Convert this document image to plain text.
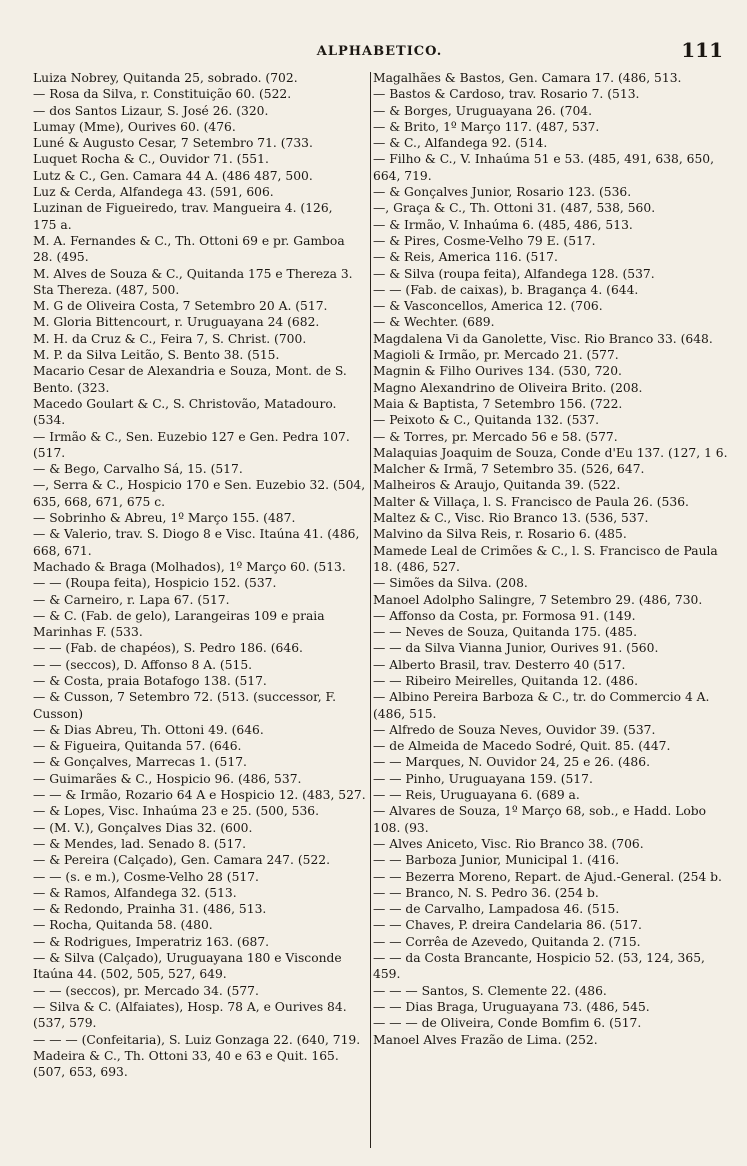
ALPHABETICO.	111
Luiza Nobrey, Quitanda 25, sobrado. (702.
— Rosa da Silva, r. Constituição 60. (522.
— dos Santos Lizaur, S. José 26. (320.
Lumay (Mme), Ourives 60. (476.
Luné & Augusto Cesar, 7 Setembro 71. (733.
Luquet Rocha & C., Ouvidor 71. (551.
Lutz & C., Gen. Camara 44 A. (486 487, 500.
Luz & Cerda, Alfandega 43. (591, 606.
Luzinan de Figueiredo, trav. Mangueira 4. (126,
175 a.
M. A. Fernandes & C., Th. Ottoni 69 e pr. Gamboa 28. (495.
M. Alves de Souza & C., Quitanda 175 e Thereza 3. Sta Thereza. (487, 500.
M. G de Oliveira Costa, 7 Setembro 20 A. (517.
M. Gloria Bittencourt, r. Uruguayana 24 (682.
M. H. da Cruz & C., Feira 7, S. Christ. (700.
M. P. da Silva Leitão, S. Bento 38. (515.
Macario Cesar de Alexandria e Souza, Mont. de S. Bento. (323.
Macedo Goulart & C., S. Christovão, Matadouro. (534.
— Irmão & C., Sen. Euzebio 127 e Gen. Pedra 107. (517.
— & Bego, Carvalho Sá, 15. (517.
—, Serra & C., Hospicio 170 e Sen. Euzebio 32. (504, 635, 668, 671, 675 c.
— Sobrinho & Abreu, 1º Março 155. (487.
— & Valerio, trav. S. Diogo 8 e Visc. Itaúna 41. (486, 668, 671.
Machado & Braga (Molhados), 1º Março 60. (513.
— — (Roupa feita), Hospicio 152. (537.
— & Carneiro, r. Lapa 67. (517.
— & C. (Fab. de gelo), Larangeiras 109 e praia Marinhas F. (533.
— — (Fab. de chapéos), S. Pedro 186. (646.
— — (seccos), D. Affonso 8 A. (515.
— & Costa, praia Botafogo 138. (517.
— & Cusson, 7 Setembro 72. (513. (successor, F. Cusson)
— & Dias Abreu, Th. Ottoni 49. (646.
— & Figueira, Quitanda 57. (646.
— & Gonçalves, Marrecas 1. (517.
— Guimarães & C., Hospicio 96. (486, 537.
— — & Irmão, Rozario 64 A e Hospicio 12. (483, 527.
— & Lopes, Visc. Inhaúma 23 e 25. (500, 536.
— (M. V.), Gonçalves Dias 32. (600.
— & Mendes, lad. Senado 8. (517.
— & Pereira (Calçado), Gen. Camara 247. (522.
— — (s. e m.), Cosme-Velho 28 (517.
— & Ramos, Alfandega 32. (513.
— & Redondo, Prainha 31. (486, 513.
— Rocha, Quitanda 58. (480.
— & Rodrigues, Imperatriz 163. (687.
— & Silva (Calçado), Uruguayana 180 e Visconde Itaúna 44. (502, 505, 527, 649.
— — (seccos), pr. Mercado 34. (577.
— Silva & C. (Alfaiates), Hosp. 78 A, e Ourives 84. (537, 579.
— — — (Confeitaria), S. Luiz Gonzaga 22. (640, 719.
Madeira & C., Th. Ottoni 33, 40 e 63 e Quit. 165. (507, 653, 693.
Magalhães & Bastos, Gen. Camara 17. (486, 513.
— Bastos & Cardoso, trav. Rosario 7. (513.
— & Borges, Uruguayana 26. (704.
— & Brito, 1º Março 117. (487, 537.
— & C., Alfandega 92. (514.
— Filho & C., V. Inhaúma 51 e 53. (485, 491, 638, 650, 664, 719.
— & Gonçalves Junior, Rosario 123. (536.
—, Graça & C., Th. Ottoni 31. (487, 538, 560.
— & Irmão, V. Inhaúma 6. (485, 486, 513.
— & Pires, Cosme-Velho 79 E. (517.
— & Reis, America 116. (517.
— & Silva (roupa feita), Alfandega 128. (537.
— — (Fab. de caixas), b. Bragança 4. (644.
— & Vasconcellos, America 12. (706.
— & Wechter. (689.
Magdalena Vi da Ganolette, Visc. Rio Branco 33. (648.
Magioli & Irmão, pr. Mercado 21. (577.
Magnin & Filho Ourives 134. (530, 720.
Magno Alexandrino de Oliveira Brito. (208.
Maia & Baptista, 7 Setembro 156. (722.
— Peixoto & C., Quitanda 132. (537.
— & Torres, pr. Mercado 56 e 58. (577.
Malaquias Joaquim de Souza, Conde d'Eu 137. (127, 1 6.
Malcher & Irmã, 7 Setembro 35. (526, 647.
Malheiros & Araujo, Quitanda 39. (522.
Malter & Villaça, l. S. Francisco de Paula 26. (536.
Maltez & C., Visc. Rio Branco 13. (536, 537.
Malvino da Silva Reis, r. Rosario 6. (485.
Mamede Leal de Crimões & C., l. S. Francisco de Paula 18. (486, 527.
— Simões da Silva. (208.
Manoel Adolpho Salingre, 7 Setembro 29. (486, 730.
— Affonso da Costa, pr. Formosa 91. (149.
— — Neves de Souza, Quitanda 175. (485.
— — da Silva Vianna Junior, Ourives 91. (560.
— Alberto Brasil, trav. Desterro 40 (517.
— — Ribeiro Meirelles, Quitanda 12. (486.
— Albino Pereira Barboza & C., tr. do Commercio 4 A. (486, 515.
— Alfredo de Souza Neves, Ouvidor 39. (537.
— de Almeida de Macedo Sodré, Quit. 85. (447.
— — Marques, N. Ouvidor 24, 25 e 26. (486.
— — Pinho, Uruguayana 159. (517.
— — Reis, Uruguayana 6. (689 a.
— Alvares de Souza, 1º Março 68, sob., e Hadd. Lobo 108. (93.
— Alves Aniceto, Visc. Rio Branco 38. (706.
— — Barboza Junior, Municipal 1. (416.
— — Bezerra Moreno, Repart. de Ajud.-General. (254 b.
— — Branco, N. S. Pedro 36. (254 b.
— — de Carvalho, Lampadosa 46. (515.
— — Chaves, P. dreira Candelaria 86. (517.
— — Corrêa de Azevedo, Quitanda 2. (715.
— — da Costa Brancante, Hospicio 52. (53, 124, 365, 459.
— — — Santos, S. Clemente 22. (486.
— — Dias Braga, Uruguayana 73. (486, 545.
— — — de Oliveira, Conde Bomfim 6. (517.
Manoel Alves Frazão de Lima. (252.
